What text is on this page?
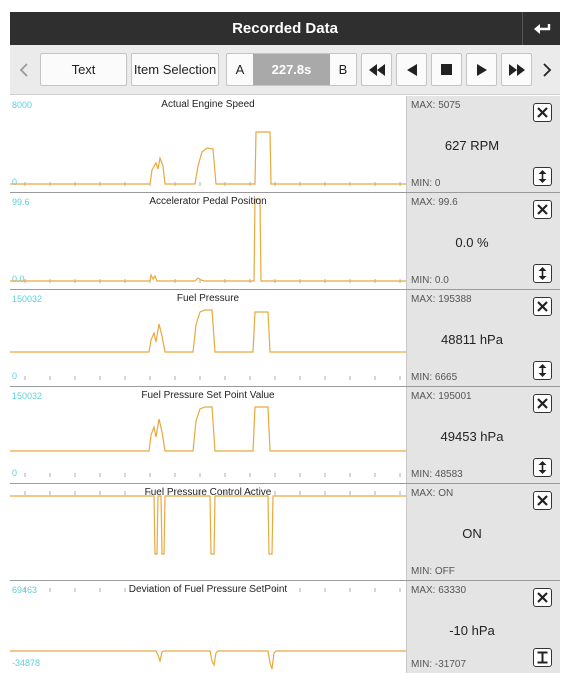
Recorded Data
Text	Item Selection	A	227.8s	B
Actual Engine Speed
8000
0
MAX: 5075
627 RPM
MIN: 0
Accelerator Pedal Position
99.6
0.0
MAX: 99.6
0.0 %
MIN: 0.0
Fuel Pressure
150032
0
MAX: 195388
48811 hPa
MIN: 6665
Fuel Pressure Set Point Value
150032
0
MAX: 195001
49453 hPa
MIN: 48583
Fuel Pressure Control Active	MAX: ON
ON
MIN: OFF
Deviation of Fuel Pressure SetPoint
69463
-34878
MAX: 63330
-10 hPa
MIN: -31707
